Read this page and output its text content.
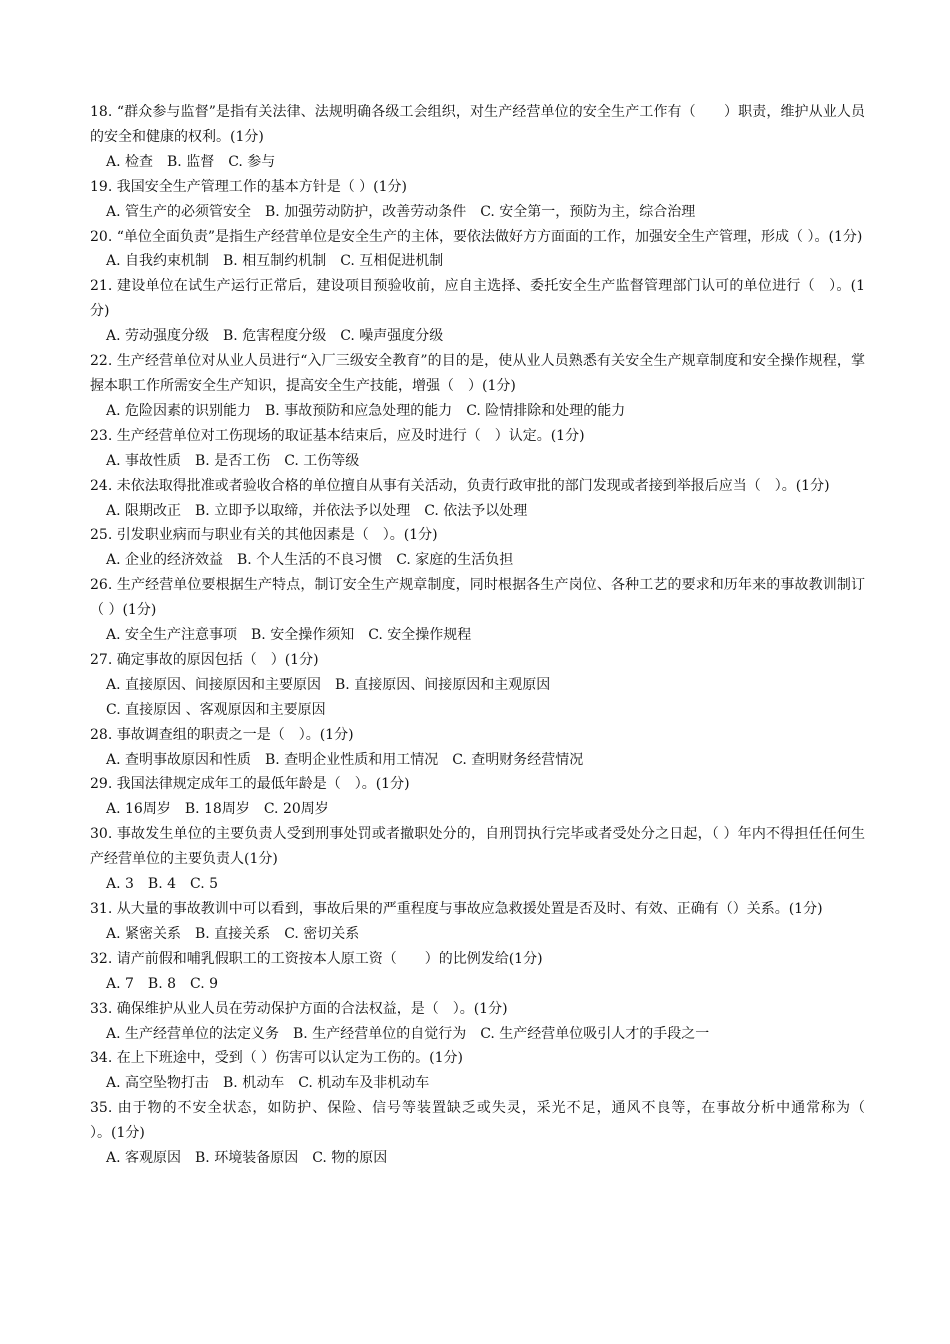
18. “群众参与监督”是指有关法律、法规明确各级工会组织，对生产经营单位的安全生产工作有（　　）职责，维护从业人员的安全和健康的权利。(1分)

A. 检查　B. 监督　C. 参与

19. 我国安全生产管理工作的基本方针是（ ）(1分)

A. 管生产的必须管安全　B. 加强劳动防护，改善劳动条件　C. 安全第一，预防为主，综合治理

20. “单位全面负责”是指生产经营单位是安全生产的主体，要依法做好方方面面的工作，加强安全生产管理，形成（ ）。(1分)

A. 自我约束机制　B. 相互制约机制　C. 互相促进机制

21. 建设单位在试生产运行正常后，建设项目预验收前，应自主选择、委托安全生产监督管理部门认可的单位进行（　）。(1分)

A. 劳动强度分级　B. 危害程度分级　C. 噪声强度分级

22. 生产经营单位对从业人员进行“入厂三级安全教育”的目的是，使从业人员熟悉有关安全生产规章制度和安全操作规程，掌握本职工作所需安全生产知识，提高安全生产技能，增强（　）(1分)

A. 危险因素的识别能力　B. 事故预防和应急处理的能力　C. 险情排除和处理的能力

23. 生产经营单位对工伤现场的取证基本结束后，应及时进行（　）认定。(1分)

A. 事故性质　B. 是否工伤　C. 工伤等级

24. 未依法取得批准或者验收合格的单位擅自从事有关活动，负责行政审批的部门发现或者接到举报后应当（　）。(1分)

A. 限期改正　B. 立即予以取缔，并依法予以处理　C. 依法予以处理

25. 引发职业病而与职业有关的其他因素是（　）。(1分)

A. 企业的经济效益　B. 个人生活的不良习惯　C. 家庭的生活负担

26. 生产经营单位要根据生产特点，制订安全生产规章制度，同时根据各生产岗位、各种工艺的要求和历年来的事故教训制订（ ）(1分)

A. 安全生产注意事项　B. 安全操作须知　C. 安全操作规程

27. 确定事故的原因包括（　）(1分)

A. 直接原因、间接原因和主要原因　B. 直接原因、间接原因和主观原因

C. 直接原因 、客观原因和主要原因

28. 事故调查组的职责之一是（　）。(1分)

A. 查明事故原因和性质　B. 查明企业性质和用工情况　C. 查明财务经营情况

29. 我国法律规定成年工的最低年龄是（　）。(1分)

A. 16周岁　B. 18周岁　C. 20周岁

30. 事故发生单位的主要负责人受到刑事处罚或者撤职处分的，自刑罚执行完毕或者受处分之日起，（ ）年内不得担任任何生产经营单位的主要负责人(1分)

A. 3　B. 4　C. 5

31. 从大量的事故教训中可以看到，事故后果的严重程度与事故应急救援处置是否及时、有效、正确有（）关系。(1分)

A. 紧密关系　B. 直接关系　C. 密切关系

32. 请产前假和哺乳假职工的工资按本人原工资（　　）的比例发给(1分)

A. 7　B. 8　C. 9

33. 确保维护从业人员在劳动保护方面的合法权益，是（　）。(1分)

A. 生产经营单位的法定义务　B. 生产经营单位的自觉行为　C. 生产经营单位吸引人才的手段之一

34. 在上下班途中，受到（ ）伤害可以认定为工伤的。(1分)

A. 高空坠物打击　B. 机动车　C. 机动车及非机动车

35. 由于物的不安全状态，如防护、保险、信号等装置缺乏或失灵，采光不足，通风不良等，在事故分析中通常称为（　　）。(1分)

A. 客观原因　B. 环境装备原因　C. 物的原因
